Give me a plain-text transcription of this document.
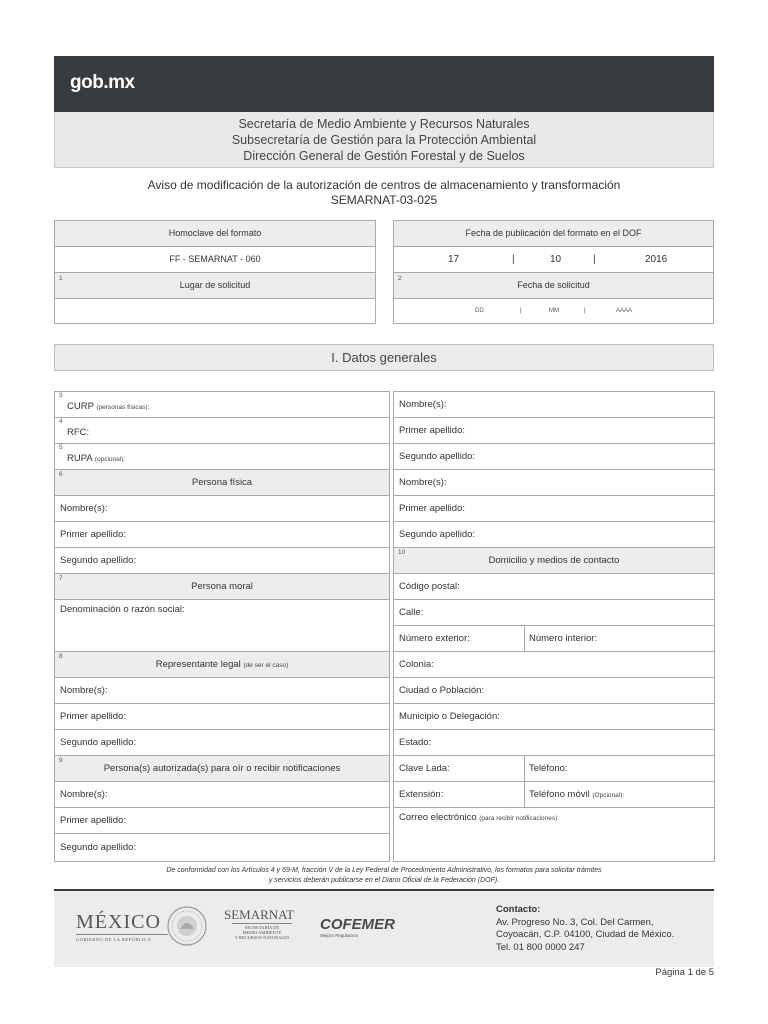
gob.mx
Secretaría de Medio Ambiente y Recursos Naturales
Subsecretaría de Gestión para la Protección Ambiental
Dirección General de Gestión Forestal y de Suelos
Aviso de modificación de la autorización de centros de almacenamiento y transformación
SEMARNAT-03-025
Homoclave del formato
FF - SEMARNAT - 060
1
Lugar de solicitud
Fecha de publicación del formato en el DOF
17	|	10	|	2016
2
Fecha de solicitud
DD	|	MM	|	AAAA
I. Datos generales
3
CURP (personas físicas):
4
RFC:
5
RUPA (opcional):
6
Persona física
Nombre(s):
Primer apellido:
Segundo apellido:
7
Persona moral
Denominación o razón social:
8
Representante legal (de ser el caso)
Nombre(s):
Primer apellido:
Segundo apellido:
9
Persona(s) autorizada(s) para oír o recibir notificaciones
Nombre(s):
Primer apellido:
Segundo apellido:
Nombre(s):
Primer apellido:
Segundo apellido:
Nombre(s):
Primer apellido:
Segundo apellido:
10
Domicilio y medios de contacto
Código postal:
Calle:
Número exterior:	Número interior:
Colonia:
Ciudad o Población:
Municipio o Delegación:
Estado:
Clave Lada:	Teléfono:
Extensión:	Teléfono móvil (Opcional):
Correo electrónico (para recibir notificaciones):
De conformidad con los Artículos 4 y 69-M, fracción V de la Ley Federal de Procedimiento Administrativo, los formatos para solicitar trámites
y servicios deberán publicarse en el Diario Oficial de la Federación (DOF).
MÉXICO
GOBIERNO DE LA REPÚBLICA
SEMARNAT
SECRETARÍA DE
MEDIO AMBIENTE
Y RECURSOS NATURALES
COFEMER
Mejora Regulatoria
Contacto:
Av. Progreso No. 3, Col. Del Carmen,
Coyoacán, C.P. 04100, Ciudad de México.
Tel. 01 800 0000 247
Página 1 de 5
